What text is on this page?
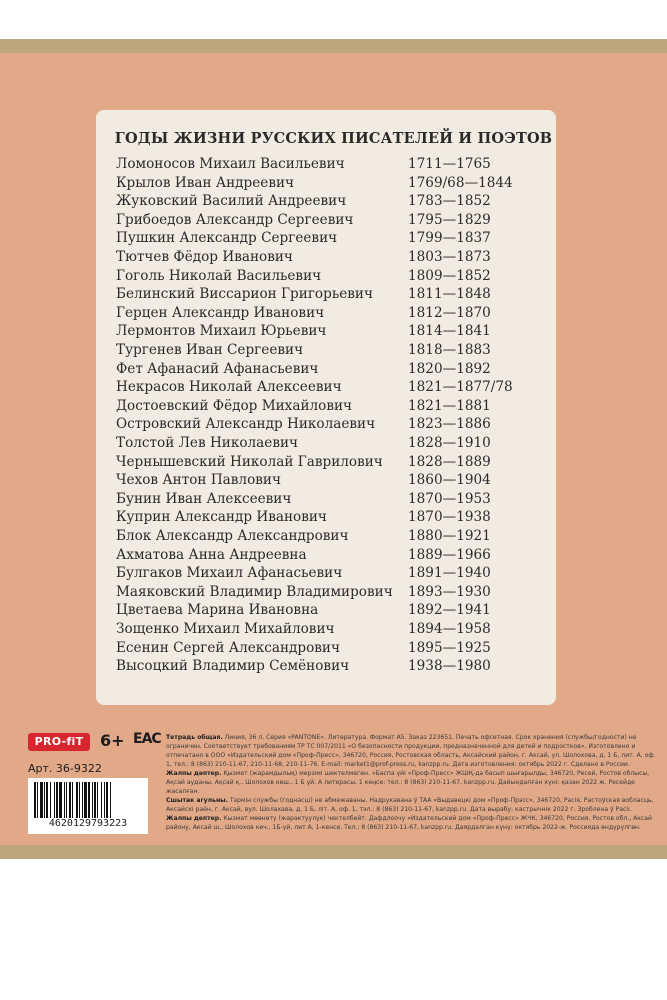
ГОДЫ ЖИЗНИ РУССКИХ ПИСАТЕЛЕЙ И ПОЭТОВ
Ломоносов Михаил Васильевич	1711—1765
Крылов Иван Андреевич	1769/68—1844
Жуковский Василий Андреевич	1783—1852
Грибоедов Александр Сергеевич	1795—1829
Пушкин Александр Сергеевич	1799—1837
Тютчев Фёдор Иванович	1803—1873
Гоголь Николай Васильевич	1809—1852
Белинский Виссарион Григорьевич	1811—1848
Герцен Александр Иванович	1812—1870
Лермонтов Михаил Юрьевич	1814—1841
Тургенев Иван Сергеевич	1818—1883
Фет Афанасий Афанасьевич	1820—1892
Некрасов Николай Алексеевич	1821—1877/78
Достоевский Фёдор Михайлович	1821—1881
Островский Александр Николаевич 1823—1886
Толстой Лев Николаевич	1828—1910
Чернышевский Николай Гаврилович 1828—1889
Чехов Антон Павлович	1860—1904
Бунин Иван Алексеевич	1870—1953
Куприн Александр Иванович	1870—1938
Блок Александр Александрович	1880—1921
Ахматова Анна Андреевна	1889—1966
Булгаков Михаил Афанасьевич	1891—1940
Маяковский Владимир Владимирович 1893—1930
Цветаева Марина Ивановна	1892—1941
Зощенко Михаил Михайлович	1894—1958
Есенин Сергей Александрович	1895—1925
Высоцкий Владимир Семёнович	1938—1980
PRO-fiT	6+ EAC
Арт. 36-9322
4620129793223

Тетрадь общая. Линия, 36 л. Серия «PANTONE». Литература. Формат А5. Заказ 223651. Печать офсетная. Срок хранения (службы/годности) не ограничен. Соответствует требованиям ТР ТС 007/2011 «О безопасности продукции, предназначенной для детей и подростков». Изготовлено и отпечатано в ООО «Издательский дом «Проф-Пресс», 346720, Россия, Ростовская область, Аксайский район, г. Аксай, ул. Шолохова, д. 1 Б, лит. А, оф. 1, тел.: 8 (863) 210-11-67, 210-11-68, 210-11-76. E-mail: market1@prof-press.ru, kanzpp.ru. Дата изготовления: октябрь 2022 г. Сделано в России.

Жалпы дәптер. Қызмет (жарамдылық) мерзімі шектелмеген. «Баспа үйі «Проф-Пресс» ЖШҚ-да басып шығарылды, 346720, Ресей, Ростов облысы, Ақсай ауданы, Ақсай қ., Шолохов көш., 1 Б үй, А литерасы, 1 кеңсе: тел.: 8 (863) 210-11-67, kanzpp.ru. Дайындалған күні: қазан 2022 ж. Ресейде жасалған.

Сшытак агульны. Тэрмін службы (годнасці) не абмежаваны. Надрукавана ў ТАА «Выдавецкі дом «Проф-Прэсс», 346720, Расія, Растоўская вобласць, Аксайскі раён, г. Аксай, вул. Шолахава, д. 1 Б, літ. А, оф. 1, тэл.: 8 (863) 210-11-67, kanzpp.ru. Дата вырабу: кастрычнік 2022 г. Зроблена ў Расіі.

Жалпы дептер. Кызмат мөөнөтү (жарактуулук) чектелбейт. Дафдлоочу «Издательский дом «Проф-Пресс» ЖЧК, 346720, Россия, Ростов обл., Аксай району, Аксай ш., Шолохов көч., 1Б-үй, лит А, 1-кенсе. Тел.: 8 (863) 210-11-67, kanzpp.ru. Даярдалган күнү: октябрь 2022-ж. Россияда өндүрүлгөн.
